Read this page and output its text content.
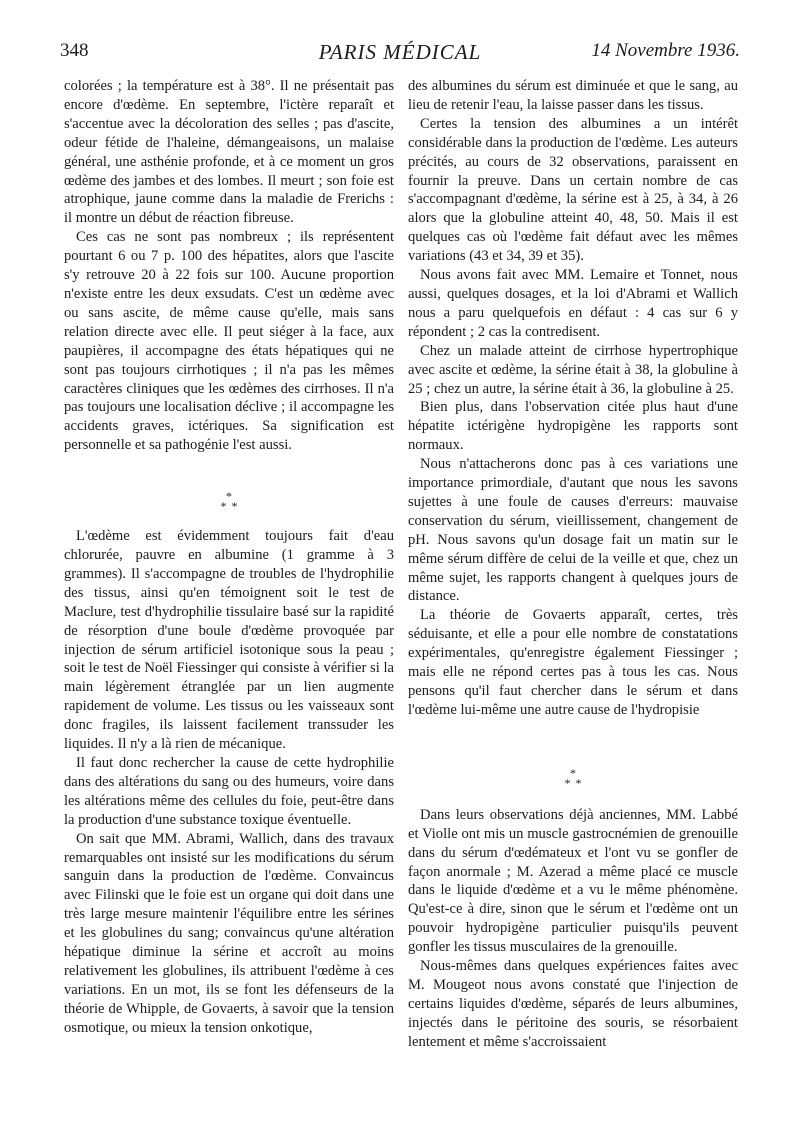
348	PARIS MÉDICAL	14 Novembre 1936.

colorées ; la température est à 38°. Il ne présentait pas encore d'œdème. En septembre, l'ictère reparaît et s'accentue avec la décoloration des selles ; pas d'ascite, odeur fétide de l'haleine, démangeaisons, un malaise général, une asthénie profonde, et à ce moment un gros œdème des jambes et des lombes. Il meurt ; son foie est atrophique, jaune comme dans la maladie de Frerichs : il montre un début de réaction fibreuse.

Ces cas ne sont pas nombreux ; ils représentent pourtant 6 ou 7 p. 100 des hépatites, alors que l'ascite s'y retrouve 20 à 22 fois sur 100. Aucune proportion n'existe entre les deux exsudats. C'est un œdème avec ou sans ascite, de même cause qu'elle, mais sans relation directe avec elle. Il peut siéger à la face, aux paupières, il accompagne des états hépatiques qui ne sont pas toujours cirrhotiques ; il n'a pas les mêmes caractères cliniques que les œdèmes des cirrhoses. Il n'a pas toujours une localisation déclive ; il accompagne les accidents graves, ictériques. Sa signification est personnelle et sa pathogénie l'est aussi.

*
**

L'œdème est évidemment toujours fait d'eau chlorurée, pauvre en albumine (1 gramme à 3 grammes). Il s'accompagne de troubles de l'hydrophilie des tissus, ainsi qu'en témoignent soit le test de Maclure, test d'hydrophilie tissulaire basé sur la rapidité de résorption d'une boule d'œdème provoquée par injection de sérum artificiel isotonique sous la peau ; soit le test de Noël Fiessinger qui consiste à vérifier si la main légèrement étranglée par un lien augmente rapidement de volume. Les tissus ou les vaisseaux sont donc fragiles, ils laissent facilement transsuder les liquides. Il n'y a là rien de mécanique.

Il faut donc rechercher la cause de cette hydrophilie dans des altérations du sang ou des humeurs, voire dans les altérations même des cellules du foie, peut-être dans la production d'une substance toxique éventuelle.

On sait que MM. Abrami, Wallich, dans des travaux remarquables ont insisté sur les modifications du sérum sanguin dans la production de l'œdème. Convaincus avec Filinski que le foie est un organe qui doit dans une très large mesure maintenir l'équilibre entre les sérines et les globulines du sang; convaincus qu'une altération hépatique diminue la sérine et accroît au moins relativement les globulines, ils attribuent l'œdème à ces variations. En un mot, ils se font les défenseurs de la théorie de Whipple, de Govaerts, à savoir que la tension osmotique, ou mieux la tension onkotique,

des albumines du sérum est diminuée et que le sang, au lieu de retenir l'eau, la laisse passer dans les tissus.

Certes la tension des albumines a un intérêt considérable dans la production de l'œdème. Les auteurs précités, au cours de 32 observations, paraissent en fournir la preuve. Dans un certain nombre de cas s'accompagnant d'œdème, la sérine est à 25, à 34, à 26 alors que la globuline atteint 40, 48, 50. Mais il est quelques cas où l'œdème fait défaut avec les mêmes variations (43 et 34, 39 et 35).

Nous avons fait avec MM. Lemaire et Tonnet, nous aussi, quelques dosages, et la loi d'Abrami et Wallich nous a paru quelquefois en défaut : 4 cas sur 6 y répondent ; 2 cas la contredisent.

Chez un malade atteint de cirrhose hypertrophique avec ascite et œdème, la sérine était à 38, la globuline à 25 ; chez un autre, la sérine était à 36, la globuline à 25.

Bien plus, dans l'observation citée plus haut d'une hépatite ictérigène hydropigène les rapports sont normaux.

Nous n'attacherons donc pas à ces variations une importance primordiale, d'autant que nous les savons sujettes à une foule de causes d'erreurs: mauvaise conservation du sérum, vieillissement, changement de pH. Nous savons qu'un dosage fait un matin sur le même sérum diffère de celui de la veille et que, chez un même sujet, les rapports changent à quelques jours de distance.

La théorie de Govaerts apparaît, certes, très séduisante, et elle a pour elle nombre de constatations expérimentales, qu'enregistre également Fiessinger ; mais elle ne répond certes pas à tous les cas. Nous pensons qu'il faut chercher dans le sérum et dans l'œdème lui-même une autre cause de l'hydropisie

*
**

Dans leurs observations déjà anciennes, MM. Labbé et Violle ont mis un muscle gastrocnémien de grenouille dans du sérum d'œdémateux et l'ont vu se gonfler de façon anormale ; M. Azerad a même placé ce muscle dans le liquide d'œdème et a vu le même phénomène. Qu'est-ce à dire, sinon que le sérum et l'œdème ont un pouvoir hydropigène particulier puisqu'ils peuvent gonfler les tissus musculaires de la grenouille.

Nous-mêmes dans quelques expériences faites avec M. Mougeot nous avons constaté que l'injection de certains liquides d'œdème, séparés de leurs albumines, injectés dans le péritoine des souris, se résorbaient lentement et même s'accroissaient
